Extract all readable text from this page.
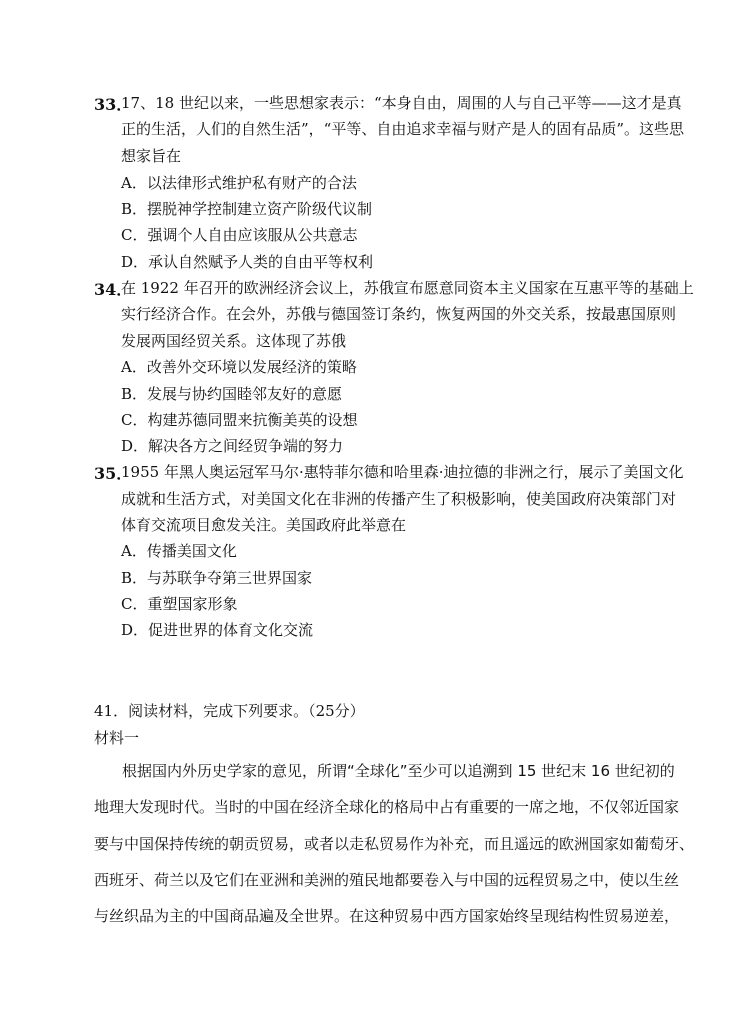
33．
17、18 世纪以来，一些思想家表示：“本身自由，周围的人与自己平等——这才是真
正的生活，人们的自然生活”，“平等、自由追求幸福与财产是人的固有品质”。这些思
想家旨在
A．以法律形式维护私有财产的合法
B．摆脱神学控制建立资产阶级代议制
C．强调个人自由应该服从公共意志
D．承认自然赋予人类的自由平等权利
34．
在 1922 年召开的欧洲经济会议上，苏俄宣布愿意同资本主义国家在互惠平等的基础上
实行经济合作。在会外，苏俄与德国签订条约，恢复两国的外交关系，按最惠国原则
发展两国经贸关系。这体现了苏俄
A．改善外交环境以发展经济的策略
B．发展与协约国睦邻友好的意愿
C．构建苏德同盟来抗衡美英的设想
D．解决各方之间经贸争端的努力
35．
1955 年黑人奥运冠军马尔·惠特菲尔德和哈里森·迪拉德的非洲之行，展示了美国文化
成就和生活方式，对美国文化在非洲的传播产生了积极影响，使美国政府决策部门对
体育交流项目愈发关注。美国政府此举意在
A．传播美国文化
B．与苏联争夺第三世界国家
C．重塑国家形象
D．促进世界的体育文化交流
41．阅读材料，完成下列要求。（25分）
材料一
根据国内外历史学家的意见，所谓“全球化”至少可以追溯到 15 世纪末 16 世纪初的
地理大发现时代。当时的中国在经济全球化的格局中占有重要的一席之地，不仅邻近国家
要与中国保持传统的朝贡贸易，或者以走私贸易作为补充，而且遥远的欧洲国家如葡萄牙、
西班牙、荷兰以及它们在亚洲和美洲的殖民地都要卷入与中国的远程贸易之中，使以生丝
与丝织品为主的中国商品遍及全世界。在这种贸易中西方国家始终呈现结构性贸易逆差，
